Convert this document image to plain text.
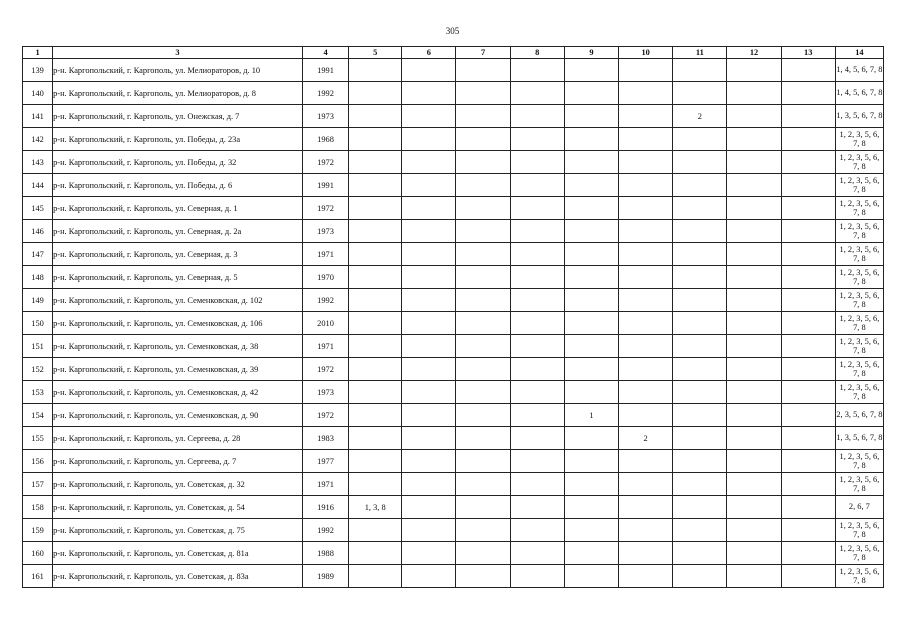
305
1	3	4	5	6	7	8	9	10	11	12	13	14
139	р-н. Каргопольский, г. Каргополь, ул. Мелиораторов, д. 10	1991										1, 4, 5, 6, 7, 8
140	р-н. Каргопольский, г. Каргополь, ул. Мелиораторов, д. 8	1992										1, 4, 5, 6, 7, 8
141	р-н. Каргопольский, г. Каргополь, ул. Онежская, д. 7	1973							2			1, 3, 5, 6, 7, 8
142	р-н. Каргопольский, г. Каргополь, ул. Победы, д. 23а	1968										1, 2, 3, 5, 6, 7, 8
143	р-н. Каргопольский, г. Каргополь, ул. Победы, д. 32	1972										1, 2, 3, 5, 6, 7, 8
144	р-н. Каргопольский, г. Каргополь, ул. Победы, д. 6	1991										1, 2, 3, 5, 6, 7, 8
145	р-н. Каргопольский, г. Каргополь, ул. Северная, д. 1	1972										1, 2, 3, 5, 6, 7, 8
146	р-н. Каргопольский, г. Каргополь, ул. Северная, д. 2а	1973										1, 2, 3, 5, 6, 7, 8
147	р-н. Каргопольский, г. Каргополь, ул. Северная, д. 3	1971										1, 2, 3, 5, 6, 7, 8
148	р-н. Каргопольский, г. Каргополь, ул. Северная, д. 5	1970										1, 2, 3, 5, 6, 7, 8
149	р-н. Каргопольский, г. Каргополь, ул. Семенковская, д. 102	1992										1, 2, 3, 5, 6, 7, 8
150	р-н. Каргопольский, г. Каргополь, ул. Семенковская, д. 106	2010										1, 2, 3, 5, 6, 7, 8
151	р-н. Каргопольский, г. Каргополь, ул. Семенковская, д. 38	1971										1, 2, 3, 5, 6, 7, 8
152	р-н. Каргопольский, г. Каргополь, ул. Семенковская, д. 39	1972										1, 2, 3, 5, 6, 7, 8
153	р-н. Каргопольский, г. Каргополь, ул. Семенковская, д. 42	1973										1, 2, 3, 5, 6, 7, 8
154	р-н. Каргопольский, г. Каргополь, ул. Семенковская, д. 90	1972					1					2, 3, 5, 6, 7, 8
155	р-н. Каргопольский, г. Каргополь, ул. Сергеева, д. 28	1983						2				1, 3, 5, 6, 7, 8
156	р-н. Каргопольский, г. Каргополь, ул. Сергеева, д. 7	1977										1, 2, 3, 5, 6, 7, 8
157	р-н. Каргопольский, г. Каргополь, ул. Советская, д. 32	1971										1, 2, 3, 5, 6, 7, 8
158	р-н. Каргопольский, г. Каргополь, ул. Советская, д. 54	1916	1, 3, 8									2, 6, 7
159	р-н. Каргопольский, г. Каргополь, ул. Советская, д. 75	1992										1, 2, 3, 5, 6, 7, 8
160	р-н. Каргопольский, г. Каргополь, ул. Советская, д. 81а	1988										1, 2, 3, 5, 6, 7, 8
161	р-н. Каргопольский, г. Каргополь, ул. Советская, д. 83а	1989										1, 2, 3, 5, 6, 7, 8
